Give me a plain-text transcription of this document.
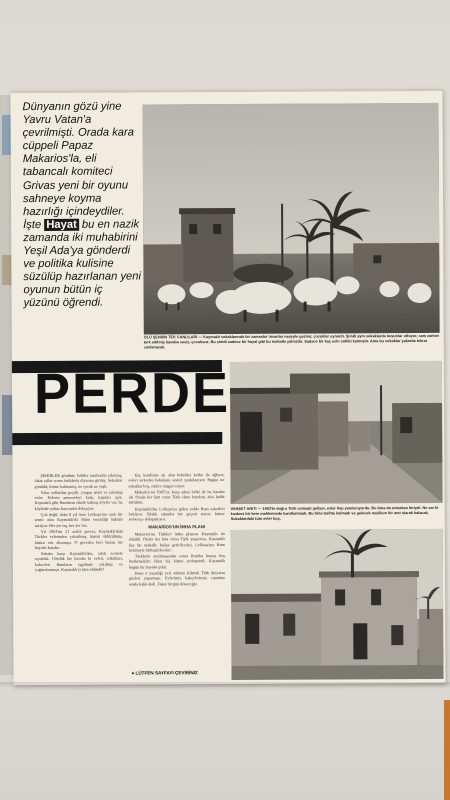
Dünyanın gözü yine Yavru Vatan'a çevrilmişti. Orada kara cüppeli Papaz Makarios'la, eli tabancalı komiteci Grivas yeni bir oyunu sahneye koyma hazırlığı içindeydiler. İşte Hayat bu en nazik zamanda iki muhabirini Yeşil Ada'ya gönderdi ve politika kulisine süzülüp hazırlanan yeni oyunun bütün iç yüzünü öğrendi.
ÖLÜ ŞEHRİN TEK CANLILARI — Kaymaklı sokaklarında bir zamanlar insanlar neşeyle gezinir, çocuklar oynardı. Şimdi aynı sokaklarda koyunlar otluyor, sanı zaman terk edilmiş kasaba sesiz, çocuksuz. Bu şimdi sadece bir hayal gibi bu mahalle yalnızdır. Sadece bir kaç evin sahibi kalmıştır. Ama bu sokaklar yakında tekrar canlanacak.
PERDE
VAHŞET ANITI — 1963'te doğru Türk cemaati geliyor, evler hep yanılanıyordu. Bu bina da onlardan biriydi. Ne var ki kızdınız bir kere mahkemede kanıtlanmadı. Bu bina tarihte kalmadı ve gelecek nesillere bir anıt olarak kalacak. Sokaklardaki tüm evler boş.

ŞEHİRLER gördüm; fatihler tarafından yıkılmış, fakat yıllar sonra fatihlerin diyarına girmiş. Sokaklar görüldü; kimse kalmamış, ne çocuk ne yaşlı.

Yolar yollardan geçtik, yangın izleri ve yıkılmış evler. Evlerin pencereleri kırık, kapıları açık. Kaymaklı gibi Rumların elinde kalmış köyler var, bu köylerde yalnız hayvanlar dolaşıyor.

Çok değil, daha 8 yıl önce Lefkoşa'nın canlı bir semti olan Kaymaklı'da ölüm sessizliği hüküm sürüyor. Her yer taş, her yer toz.

Yıl 1963'ün 21 aralık gecesi, Kaymaklı'daki Türkler evlerinden çıkarılmış, kimisi öldürülmüş, kimisi esir alınmıştı. O geceden beri burası bir hayalet kasaba.

Sabaha karşı Kaymaklı'dan, sıkılı seslerle sıyrıldık. Gördük bir kasaba ki evleri, sokakları, kahveleri Rumların işgalinde yıkılmış ve yağmalanmıştı. Kaymaklı'yı kim öldürdü?

Kaç kendisine ait olan bebekler korku ile ağlıyor, evleri terkeden babaların sesleri yankılanıyor. Bugün ise sokaklar boş, sadece rüzgar esiyor.

Makarios'un TMT'ye karşı planı belki de bu kasaba idi. Orada her kim varsa Türk olsun bayılsın, aksi halde sürülsün.

Kaymaklı'dan Lefkoşa'ya giden yolda Rum askerleri bekliyor. Silahlı adamlar her geçeni arıyor, kimse serbestçe dolaşamıyor.

MAKARİOS'UN İMHA PLANI

Makarios'un Türkleri imha planına Kaymaklı da dahildi. Orada her kim varsa Türk yaşıyorsa, Kaymaklı ilçe bir mahalle haline getirilecekti. Lefkoşa'nın Rum kesimiyle birleştirilecekti.

Türklerin ayrılmasından sonra Rumlar burayı boş bırakmadılar; fakat hiç kimse yerleşmedi. Kaymaklı bugün bir hayalet şehir.

Bana o yaşadığı yeri anlatan Kıbrıslı Türk ihtiyarın gözleri yaşarmıştı. Evlerimiz, bahçelerimiz, camimiz orada kaldı dedi. Fakat bir gün döneceğiz.

● LÜTFEN SAYFAYI ÇEVİRİNİZ
